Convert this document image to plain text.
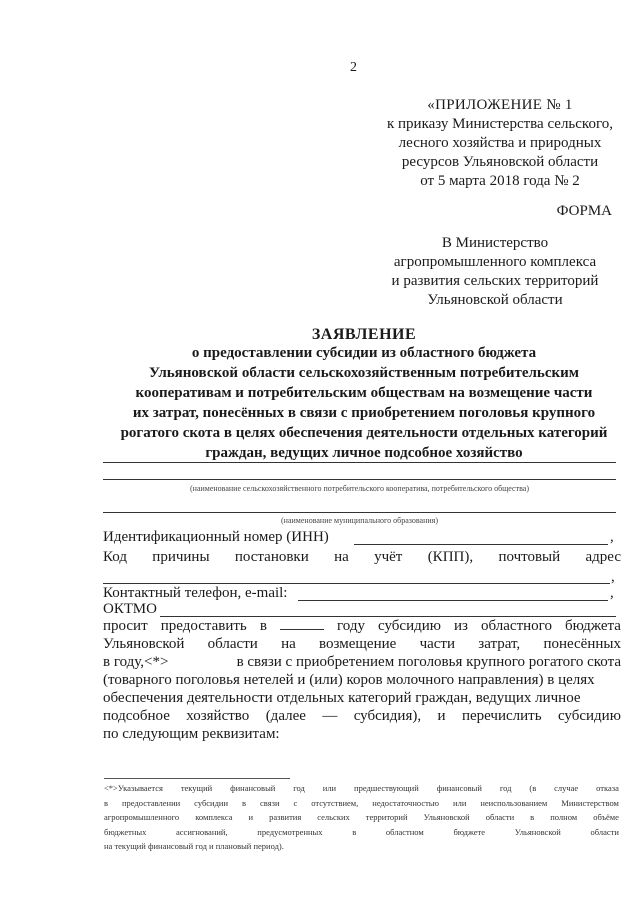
2
«ПРИЛОЖЕНИЕ № 1
к приказу Министерства сельского,
лесного хозяйства и природных
ресурсов Ульяновской области
от 5 марта 2018 года № 2
ФОРМА
В Министерство
агропромышленного комплекса
и развития сельских территорий
Ульяновской области
ЗАЯВЛЕНИЕ
о предоставлении субсидии из областного бюджета
Ульяновской области сельскохозяйственным потребительским
кооперативам и потребительским обществам на возмещение части
их затрат, понесённых в связи с приобретением поголовья крупного
рогатого скота в целях обеспечения деятельности отдельных категорий
граждан, ведущих личное подсобное хозяйство
(наименование сельскохозяйственного потребительского кооператива, потребительского общества)
(наименование муниципального образования)
Идентификационный номер (ИНН)	,
Код причины постановки на учёт (КПП), почтовый адрес
,
Контактный телефон, e-mail:	,
ОКТМО
просит предоставить в	году субсидию из областного бюджета
Ульяновской области на возмещение части затрат, понесённых
в году,<*>	в связи с приобретением поголовья крупного рогатого скота
(товарного поголовья нетелей и (или) коров молочного направления) в целях
обеспечения деятельности отдельных категорий граждан, ведущих личное
подсобное хозяйство (далее — субсидия), и перечислить субсидию
по следующим реквизитам:
<*>Указывается текущий финансовый год или предшествующий финансовый год (в случае отказа
в предоставлении субсидии в связи с отсутствием, недостаточностью или неиспользованием Министерством
агропромышленного комплекса и развития сельских территорий Ульяновской области в полном объёме
бюджетных	ассигнований,	предусмотренных	в	областном	бюджете	Ульяновской	области
на текущий финансовый год и плановый период).
